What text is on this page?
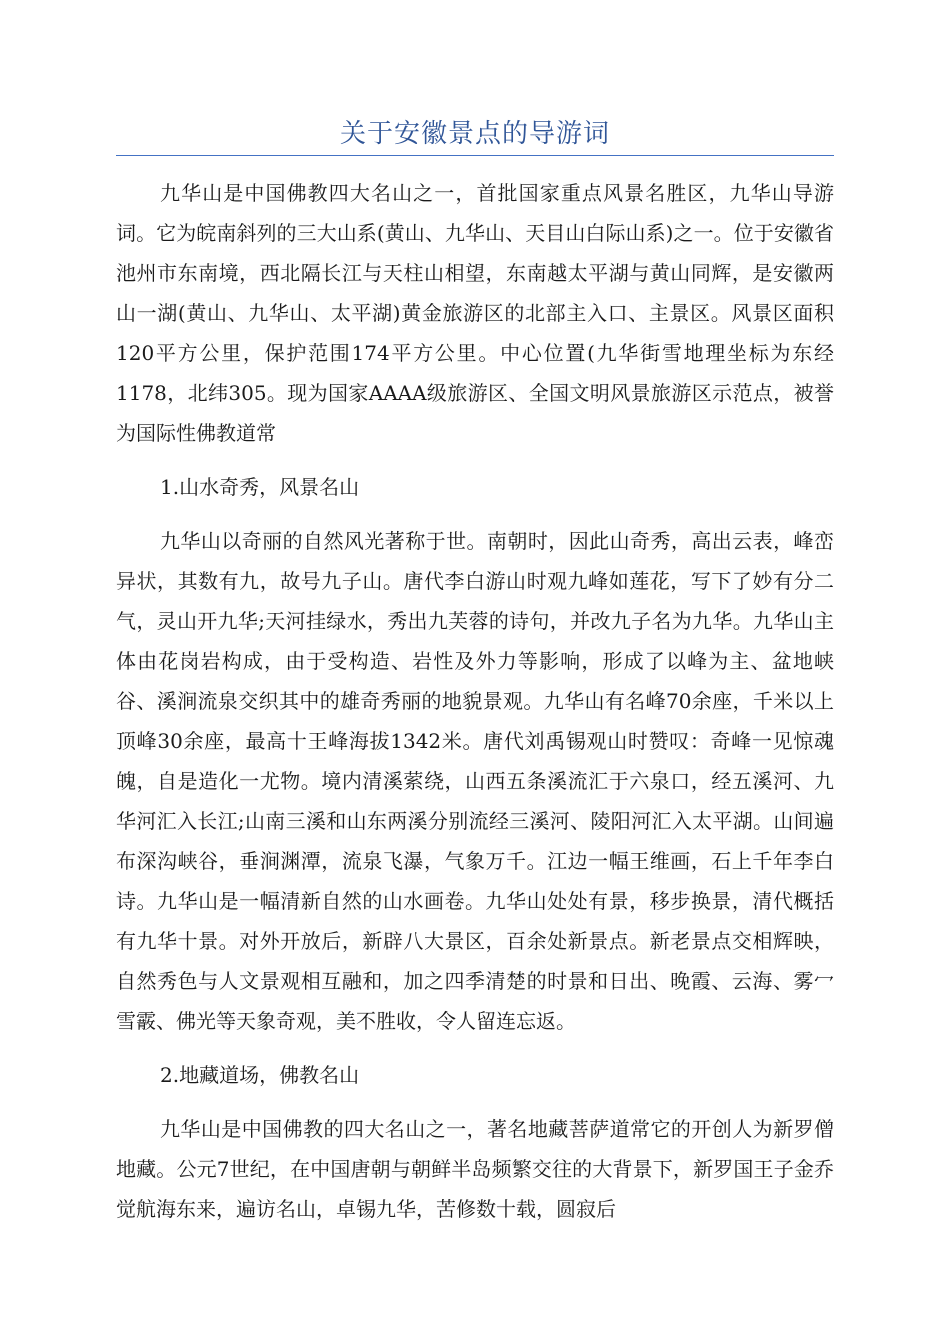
关于安徽景点的导游词

九华山是中国佛教四大名山之一，首批国家重点风景名胜区，九华山导游词。它为皖南斜列的三大山系(黄山、九华山、天目山白际山系)之一。位于安徽省池州市东南境，西北隔长江与天柱山相望，东南越太平湖与黄山同辉，是安徽两山一湖(黄山、九华山、太平湖)黄金旅游区的北部主入口、主景区。风景区面积120平方公里，保护范围174平方公里。中心位置(九华街雪地理坐标为东经1178，北纬305。现为国家AAAA级旅游区、全国文明风景旅游区示范点，被誉为国际性佛教道常

1.山水奇秀，风景名山

九华山以奇丽的自然风光著称于世。南朝时，因此山奇秀，高出云表，峰峦异状，其数有九，故号九子山。唐代李白游山时观九峰如莲花，写下了妙有分二气，灵山开九华;天河挂绿水，秀出九芙蓉的诗句，并改九子名为九华。九华山主体由花岗岩构成，由于受构造、岩性及外力等影响，形成了以峰为主、盆地峡谷、溪涧流泉交织其中的雄奇秀丽的地貌景观。九华山有名峰70余座，千米以上顶峰30余座，最高十王峰海拔1342米。唐代刘禹锡观山时赞叹：奇峰一见惊魂魄，自是造化一尤物。境内清溪萦绕，山西五条溪流汇于六泉口，经五溪河、九华河汇入长江;山南三溪和山东两溪分别流经三溪河、陵阳河汇入太平湖。山间遍布深沟峡谷，垂涧渊潭，流泉飞瀑，气象万千。江边一幅王维画，石上千年李白诗。九华山是一幅清新自然的山水画卷。九华山处处有景，移步换景，清代概括有九华十景。对外开放后，新辟八大景区，百余处新景点。新老景点交相辉映，自然秀色与人文景观相互融和，加之四季清楚的时景和日出、晚霞、云海、雾冖雪霰、佛光等天象奇观，美不胜收，令人留连忘返。

2.地藏道场，佛教名山

九华山是中国佛教的四大名山之一，著名地藏菩萨道常它的开创人为新罗僧地藏。公元7世纪，在中国唐朝与朝鲜半岛频繁交往的大背景下，新罗国王子金乔觉航海东来，遍访名山，卓锡九华，苦修数十载，圆寂后
